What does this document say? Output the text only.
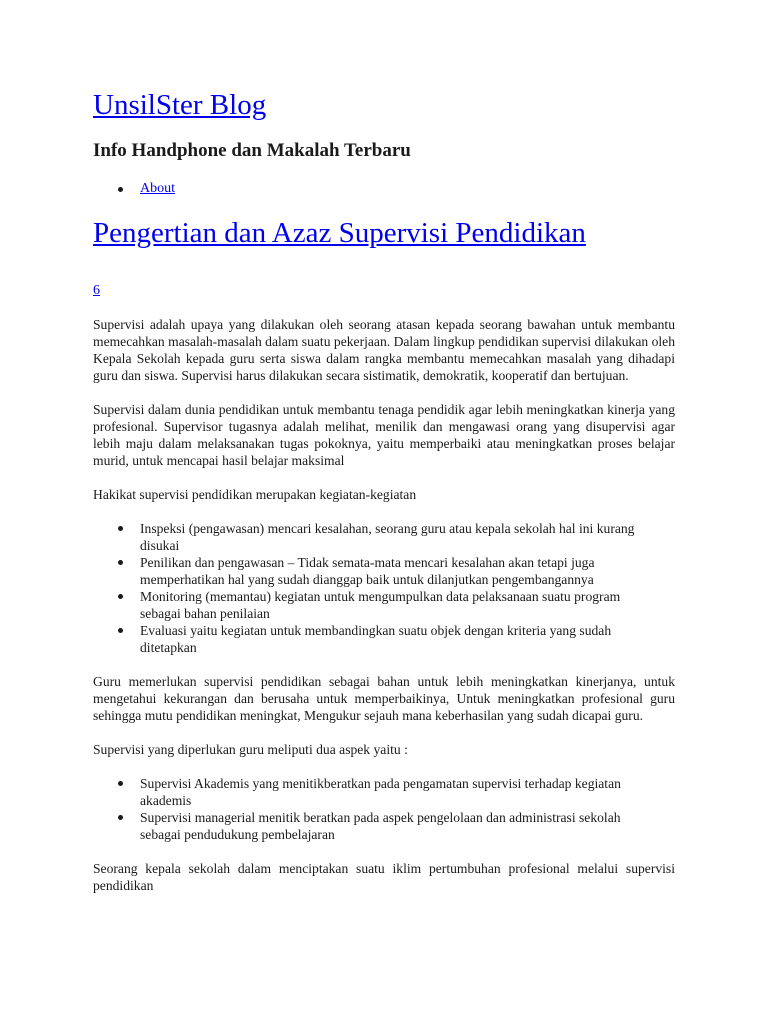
UnsilSter Blog
Info Handphone dan Makalah Terbaru
About
Pengertian dan Azaz Supervisi Pendidikan
6

Supervisi adalah upaya yang dilakukan oleh seorang atasan kepada seorang bawahan untuk membantu memecahkan masalah-masalah dalam suatu pekerjaan. Dalam lingkup pendidikan supervisi dilakukan oleh Kepala Sekolah kepada guru serta siswa dalam rangka membantu memecahkan masalah yang dihadapi guru dan siswa. Supervisi harus dilakukan secara sistimatik, demokratik, kooperatif dan bertujuan.

Supervisi dalam dunia pendidikan untuk membantu tenaga pendidik agar lebih meningkatkan kinerja yang profesional. Supervisor tugasnya adalah melihat, menilik dan mengawasi orang yang disupervisi agar lebih maju dalam melaksanakan tugas pokoknya, yaitu memperbaiki atau meningkatkan proses belajar murid, untuk mencapai hasil belajar maksimal

Hakikat supervisi pendidikan merupakan kegiatan-kegiatan

Inspeksi (pengawasan) mencari kesalahan, seorang guru atau kepala sekolah hal ini kurang disukai
Penilikan dan pengawasan – Tidak semata-mata mencari kesalahan akan tetapi juga memperhatikan hal yang sudah dianggap baik untuk dilanjutkan pengembangannya
Monitoring (memantau) kegiatan untuk mengumpulkan data pelaksanaan suatu program sebagai bahan penilaian
Evaluasi yaitu kegiatan untuk membandingkan suatu objek dengan kriteria yang sudah ditetapkan

Guru memerlukan supervisi pendidikan sebagai bahan untuk lebih meningkatkan kinerjanya, untuk mengetahui kekurangan dan berusaha untuk memperbaikinya, Untuk meningkatkan profesional guru sehingga mutu pendidikan meningkat, Mengukur sejauh mana keberhasilan yang sudah dicapai guru.

Supervisi yang diperlukan guru meliputi dua aspek yaitu :

Supervisi Akademis yang menitikberatkan pada pengamatan supervisi terhadap kegiatan akademis
Supervisi managerial menitik beratkan pada aspek pengelolaan dan administrasi sekolah sebagai pendudukung pembelajaran

Seorang kepala sekolah dalam menciptakan suatu iklim pertumbuhan profesional melalui supervisi pendidikan
